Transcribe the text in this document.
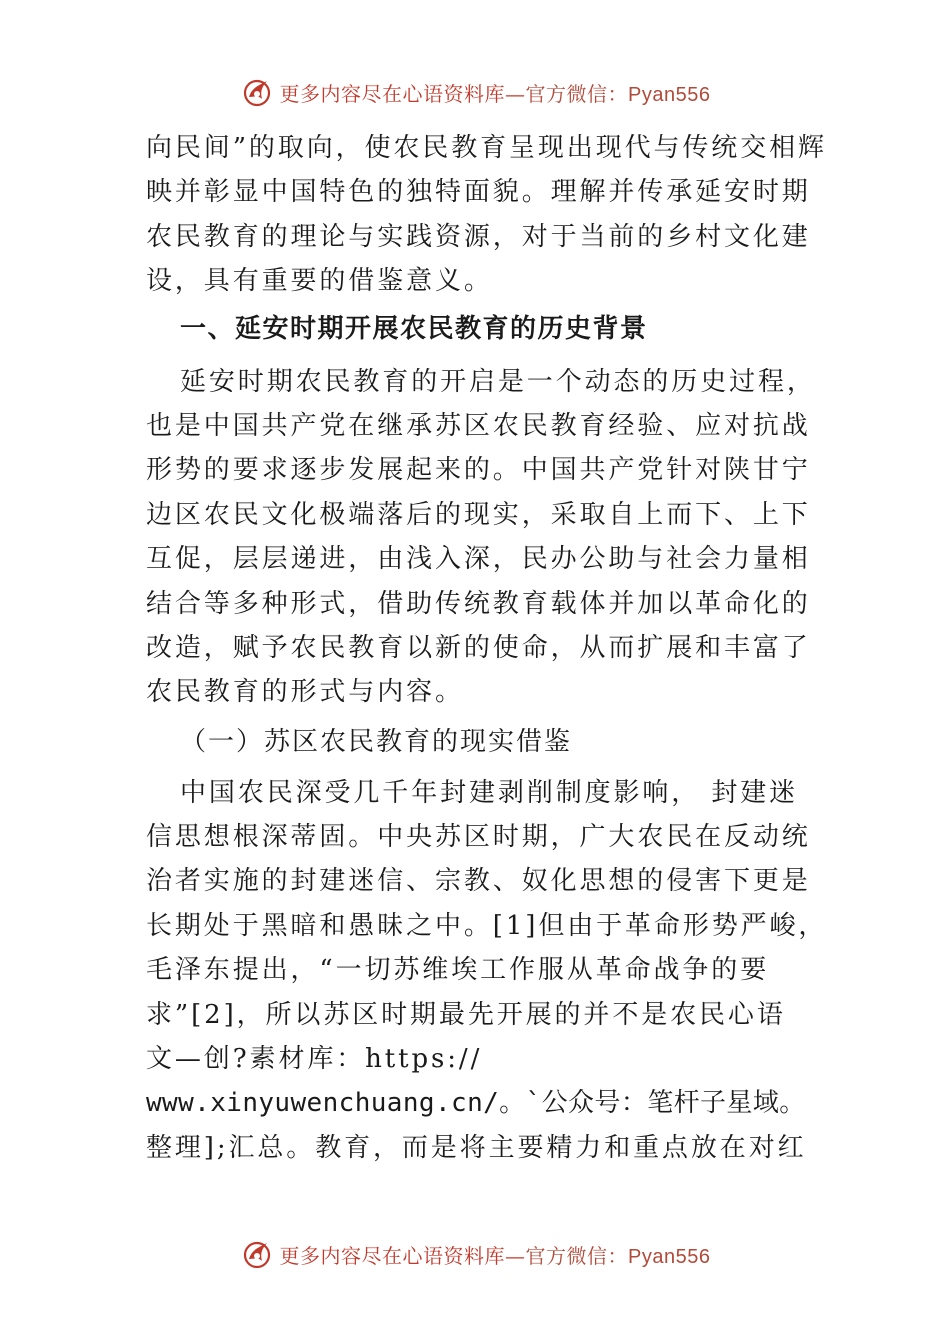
更多内容尽在心语资料库—官方微信：Pyan556
向民间”的取向，使农民教育呈现出现代与传统交相辉
映并彰显中国特色的独特面貌。理解并传承延安时期
农民教育的理论与实践资源，对于当前的乡村文化建
设，具有重要的借鉴意义。
一、延安时期开展农民教育的历史背景
延安时期农民教育的开启是一个动态的历史过程，
也是中国共产党在继承苏区农民教育经验、应对抗战
形势的要求逐步发展起来的。中国共产党针对陕甘宁
边区农民文化极端落后的现实，采取自上而下、上下
互促，层层递进，由浅入深，民办公助与社会力量相
结合等多种形式，借助传统教育载体并加以革命化的
改造，赋予农民教育以新的使命，从而扩展和丰富了
农民教育的形式与内容。
（一）苏区农民教育的现实借鉴
中国农民深受几千年封建剥削制度影响， 封建迷
信思想根深蒂固。中央苏区时期，广大农民在反动统
治者实施的封建迷信、宗教、奴化思想的侵害下更是
长期处于黑暗和愚昧之中。[1]但由于革命形势严峻，
毛泽东提出，“一切苏维埃工作服从革命战争的要
求”[2]，所以苏区时期最先开展的并不是农民心语
文—创?素材库：https://
www.xinyuwenchuang.cn/。`公众号：笔杆子星域。
整理];汇总。教育，而是将主要精力和重点放在对红
更多内容尽在心语资料库—官方微信：Pyan556
